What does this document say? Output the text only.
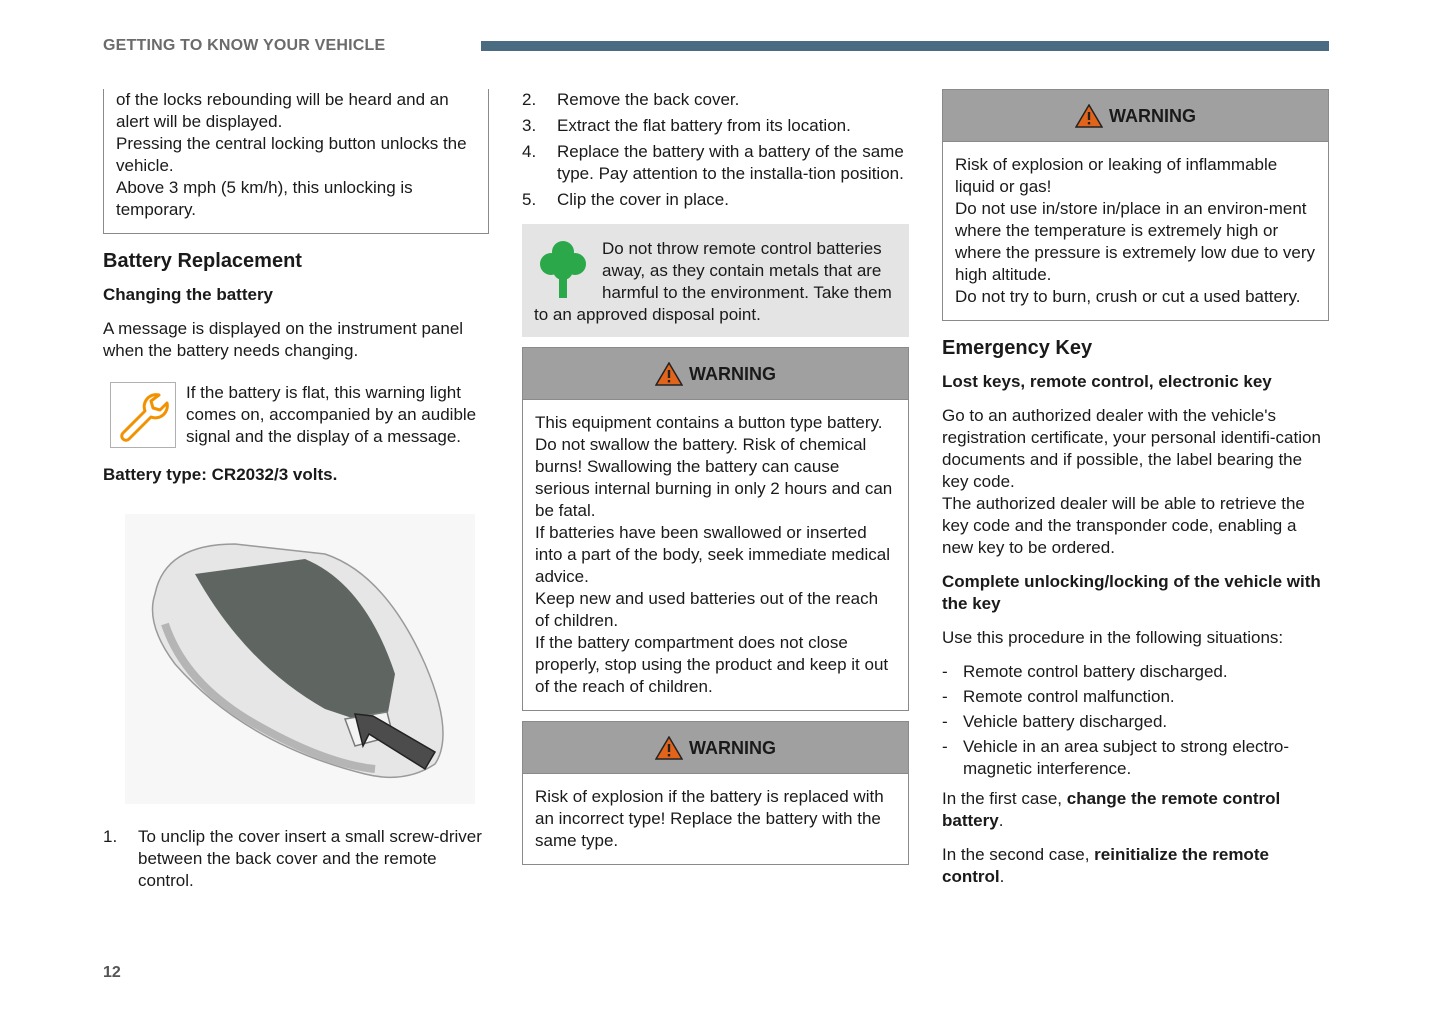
GETTING TO KNOW YOUR VEHICLE

of the locks rebounding will be heard and an alert will be displayed.

Pressing the central locking button unlocks the vehicle.

Above 3 mph (5 km/h), this unlocking is temporary.

Battery Replacement
Changing the battery

A message is displayed on the instrument panel when the battery needs changing.

If the battery is flat, this warning light comes on, accompanied by an audible signal and the display of a message.

Battery type: CR2032/3 volts.

1.	To unclip the cover insert a small screw-driver between the back cover and the remote control.
2.	Remove the back cover.
3.	Extract the flat battery from its location.
4.	Replace the battery with a battery of the same type. Pay attention to the installa-tion position.
5.	Clip the cover in place.
Do not throw remote control batteries away, as they contain metals that are harmful to the environment. Take them to an approved disposal point.
WARNING

This equipment contains a button type battery.

Do not swallow the battery. Risk of chemical burns! Swallowing the battery can cause serious internal burning in only 2 hours and can be fatal.

If batteries have been swallowed or inserted into a part of the body, seek immediate medical advice.

Keep new and used batteries out of the reach of children.

If the battery compartment does not close properly, stop using the product and keep it out of the reach of children.

WARNING

Risk of explosion if the battery is replaced with an incorrect type! Replace the battery with the same type.

WARNING

Risk of explosion or leaking of inflammable liquid or gas!

Do not use in/store in/place in an environ-ment where the temperature is extremely high or where the pressure is extremely low due to very high altitude.

Do not try to burn, crush or cut a used battery.

Emergency Key
Lost keys, remote control, electronic key

Go to an authorized dealer with the vehicle's registration certificate, your personal identifi-cation documents and if possible, the label bearing the key code.

The authorized dealer will be able to retrieve the key code and the transponder code, enabling a new key to be ordered.

Complete unlocking/locking of the vehicle with the key

Use this procedure in the following situations:

- Remote control battery discharged.
- Remote control malfunction.
- Vehicle battery discharged.
- Vehicle in an area subject to strong electro-magnetic interference.

In the first case, change the remote control battery.

In the second case, reinitialize the remote control.

12
